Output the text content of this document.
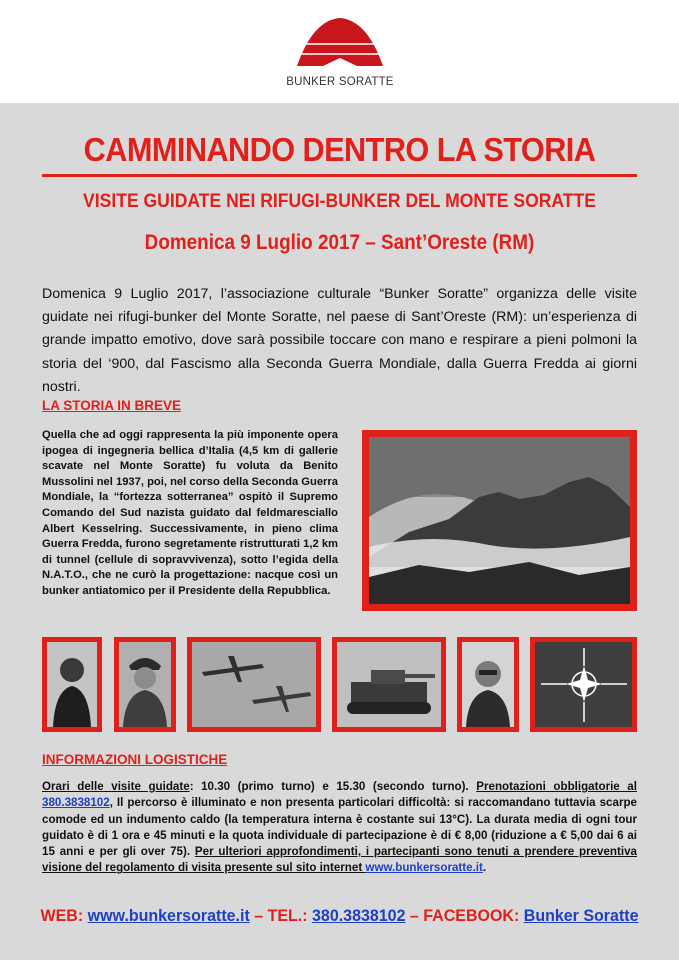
BUNKER SORATTE
CAMMINANDO DENTRO LA STORIA
VISITE GUIDATE NEI RIFUGI-BUNKER DEL MONTE SORATTE
Domenica 9 Luglio 2017 – Sant’Oreste (RM)
Domenica 9 Luglio 2017, l’associazione culturale “Bunker Soratte” organizza delle visite guidate nei rifugi-bunker del Monte Soratte, nel paese di Sant’Oreste (RM): un’esperienza di grande impatto emotivo, dove sarà possibile toccare con mano e respirare a pieni polmoni la storia del ‘900, dal Fascismo alla Seconda Guerra Mondiale, dalla Guerra Fredda ai giorni nostri.
LA STORIA IN BREVE
Quella che ad oggi rappresenta la più imponente opera ipogea di ingegneria bellica d’Italia (4,5 km di gallerie scavate nel Monte Soratte) fu voluta da Benito Mussolini nel 1937, poi, nel corso della Seconda Guerra Mondiale, la “fortezza sotterranea” ospitò il Supremo Comando del Sud nazista guidato dal feldmaresciallo Albert Kesselring. Successivamente, in pieno clima Guerra Fredda, furono segretamente ristrutturati 1,2 km di tunnel (cellule di sopravvivenza), sotto l’egida della N.A.T.O., che ne curò la progettazione: nacque così un bunker antiatomico per il Presidente della Repubblica.
INFORMAZIONI LOGISTICHE
Orari delle visite guidate: 10.30 (primo turno) e 15.30 (secondo turno). Prenotazioni obbligatorie al 380.3838102, Il percorso è illuminato e non presenta particolari difficoltà: si raccomandano tuttavia scarpe comode ed un indumento caldo (la temperatura interna è costante sui 13°C). La durata media di ogni tour guidato è di 1 ora e 45 minuti e la quota individuale di partecipazione è di € 8,00 (riduzione a € 5,00 dai 6 ai 15 anni e per gli over 75). Per ulteriori approfondimenti, i partecipanti sono tenuti a prendere preventiva visione del regolamento di visita presente sul sito internet www.bunkersoratte.it.
WEB: www.bunkersoratte.it – TEL.: 380.3838102 – FACEBOOK: Bunker Soratte
